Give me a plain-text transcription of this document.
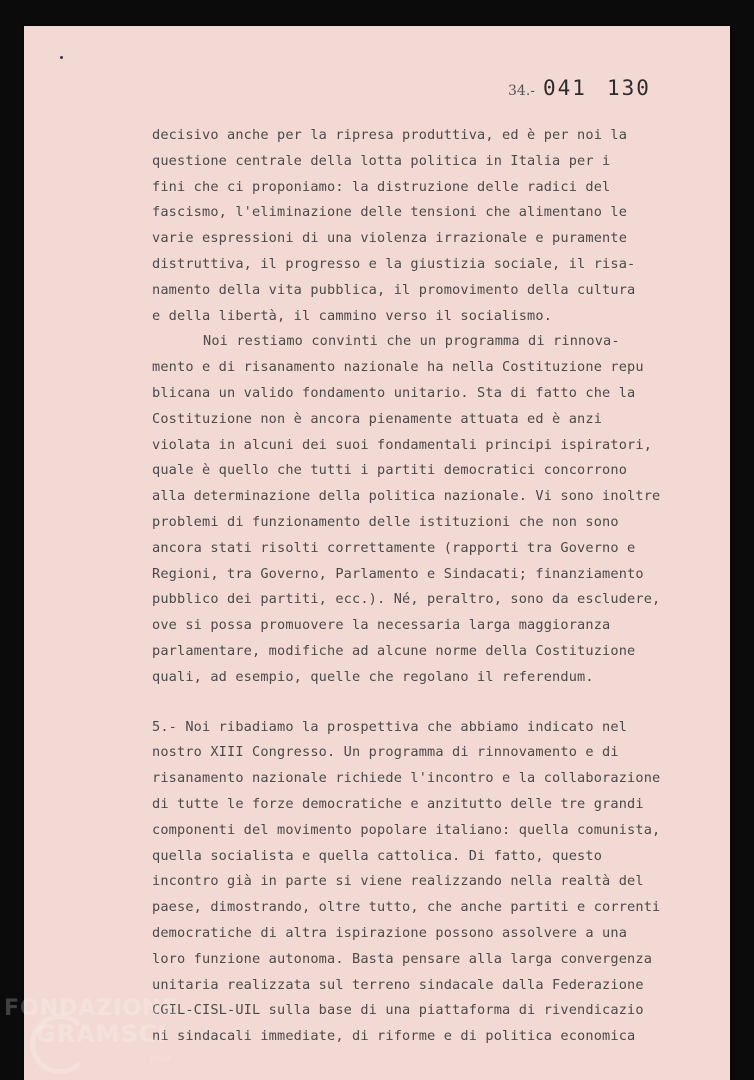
34.- 041 130
decisivo anche per la ripresa produttiva, ed è per noi la
questione centrale della lotta politica in Italia per i
fini che ci proponiamo: la distruzione delle radici del
fascismo, l'eliminazione delle tensioni che alimentano le
varie espressioni di una violenza irrazionale e puramente
distruttiva, il progresso e la giustizia sociale, il risa-
namento della vita pubblica, il promovimento della cultura
e della libertà, il cammino verso il socialismo.
Noi restiamo convinti che un programma di rinnova-
mento e di risanamento nazionale ha nella Costituzione repu
blicana un valido fondamento unitario. Sta di fatto che la
Costituzione non è ancora pienamente attuata ed è anzi
violata in alcuni dei suoi fondamentali principi ispiratori,
quale è quello che tutti i partiti democratici concorrono
alla determinazione della politica nazionale. Vi sono inoltre
problemi di funzionamento delle istituzioni che non sono
ancora stati risolti correttamente (rapporti tra Governo e
Regioni, tra Governo, Parlamento e Sindacati; finanziamento
pubblico dei partiti, ecc.). Né, peraltro, sono da escludere,
ove si possa promuovere la necessaria larga maggioranza
parlamentare, modifiche ad alcune norme della Costituzione
quali, ad esempio, quelle che regolano il referendum.
5.- Noi ribadiamo la prospettiva che abbiamo indicato nel
nostro XIII Congresso. Un programma di rinnovamento e di
risanamento nazionale richiede l'incontro e la collaborazione
di tutte le forze democratiche e anzitutto delle tre grandi
componenti del movimento popolare italiano: quella comunista,
quella socialista e quella cattolica. Di fatto, questo
incontro già in parte si viene realizzando nella realtà del
paese, dimostrando, oltre tutto, che anche partiti e correnti
democratiche di altra ispirazione possono assolvere a una
loro funzione autonoma. Basta pensare alla larga convergenza
unitaria realizzata sul terreno sindacale dalla Federazione
CGIL-CISL-UIL sulla base di una piattaforma di rivendicazio
ni sindacali immediate, di riforme e di politica economica
FONDAZIONE
GRAMSCI
onlus
